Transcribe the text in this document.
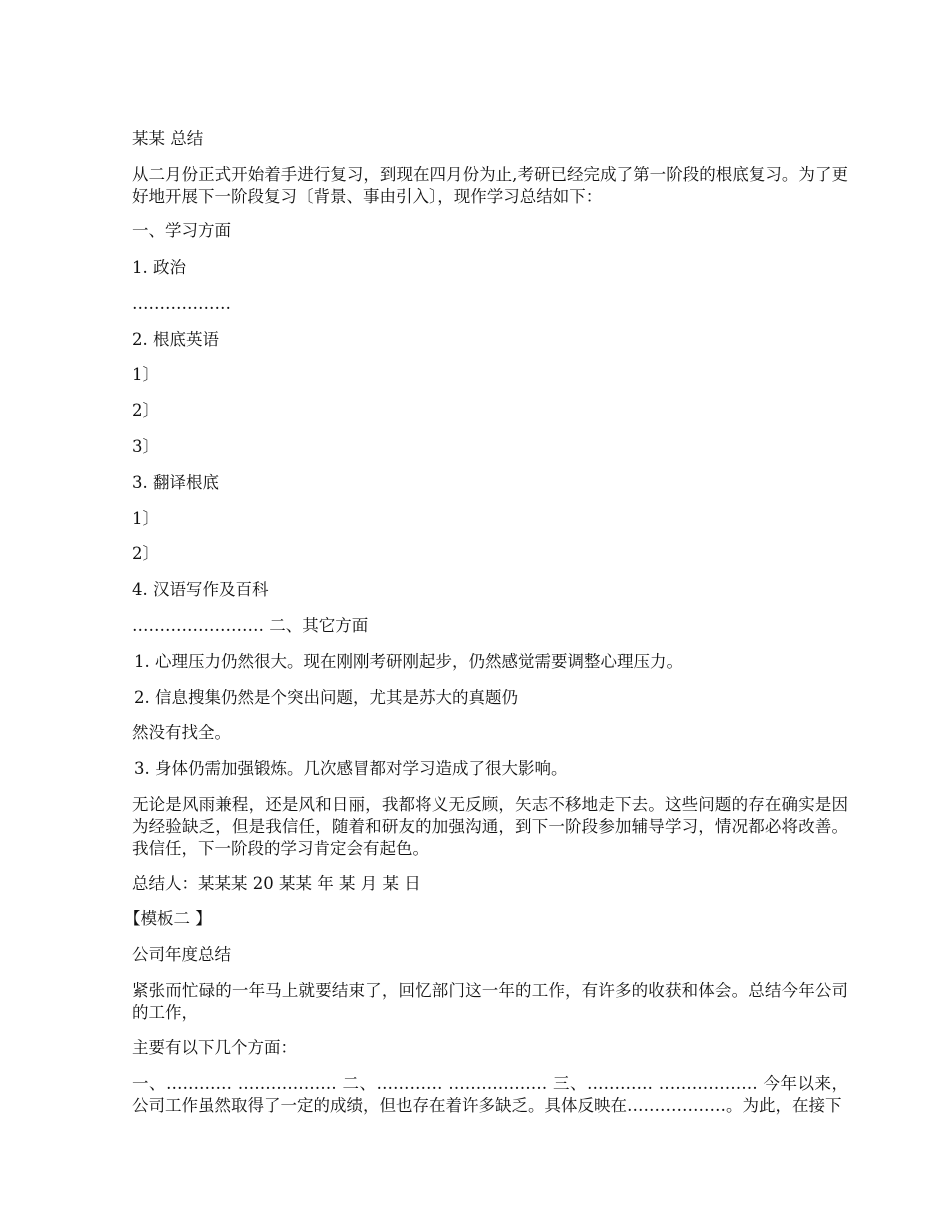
某某 总结
从二月份正式开始着手进行复习，到现在四月份为止,考研已经完成了第一阶段的根底复习。为了更好地开展下一阶段复习〔背景、事由引入〕，现作学习总结如下：
一、学习方面
1. 政治
………………
2. 根底英语
1〕
2〕
3〕
3. 翻译根底
1〕
2〕
4. 汉语写作及百科
…………………… 二、其它方面
1. 心理压力仍然很大。现在刚刚考研刚起步，仍然感觉需要调整心理压力。
2. 信息搜集仍然是个突出问题，尤其是苏大的真题仍
然没有找全。
3. 身体仍需加强锻炼。几次感冒都对学习造成了很大影响。
无论是风雨兼程，还是风和日丽，我都将义无反顾，矢志不移地走下去。这些问题的存在确实是因为经验缺乏，但是我信任，随着和研友的加强沟通，到下一阶段参加辅导学习，情况都必将改善。我信任，下一阶段的学习肯定会有起色。
总结人：某某某 20 某某 年 某 月 某 日
【模板二 】
公司年度总结
紧张而忙碌的一年马上就要结束了，回忆部门这一年的工作，有许多的收获和体会。总结今年公司的工作，
主要有以下几个方面：
一、………… ……………… 二、………… ……………… 三、………… ……………… 今年以来，公司工作虽然取得了一定的成绩，但也存在着许多缺乏。具体反映在………………。为此，在接下
